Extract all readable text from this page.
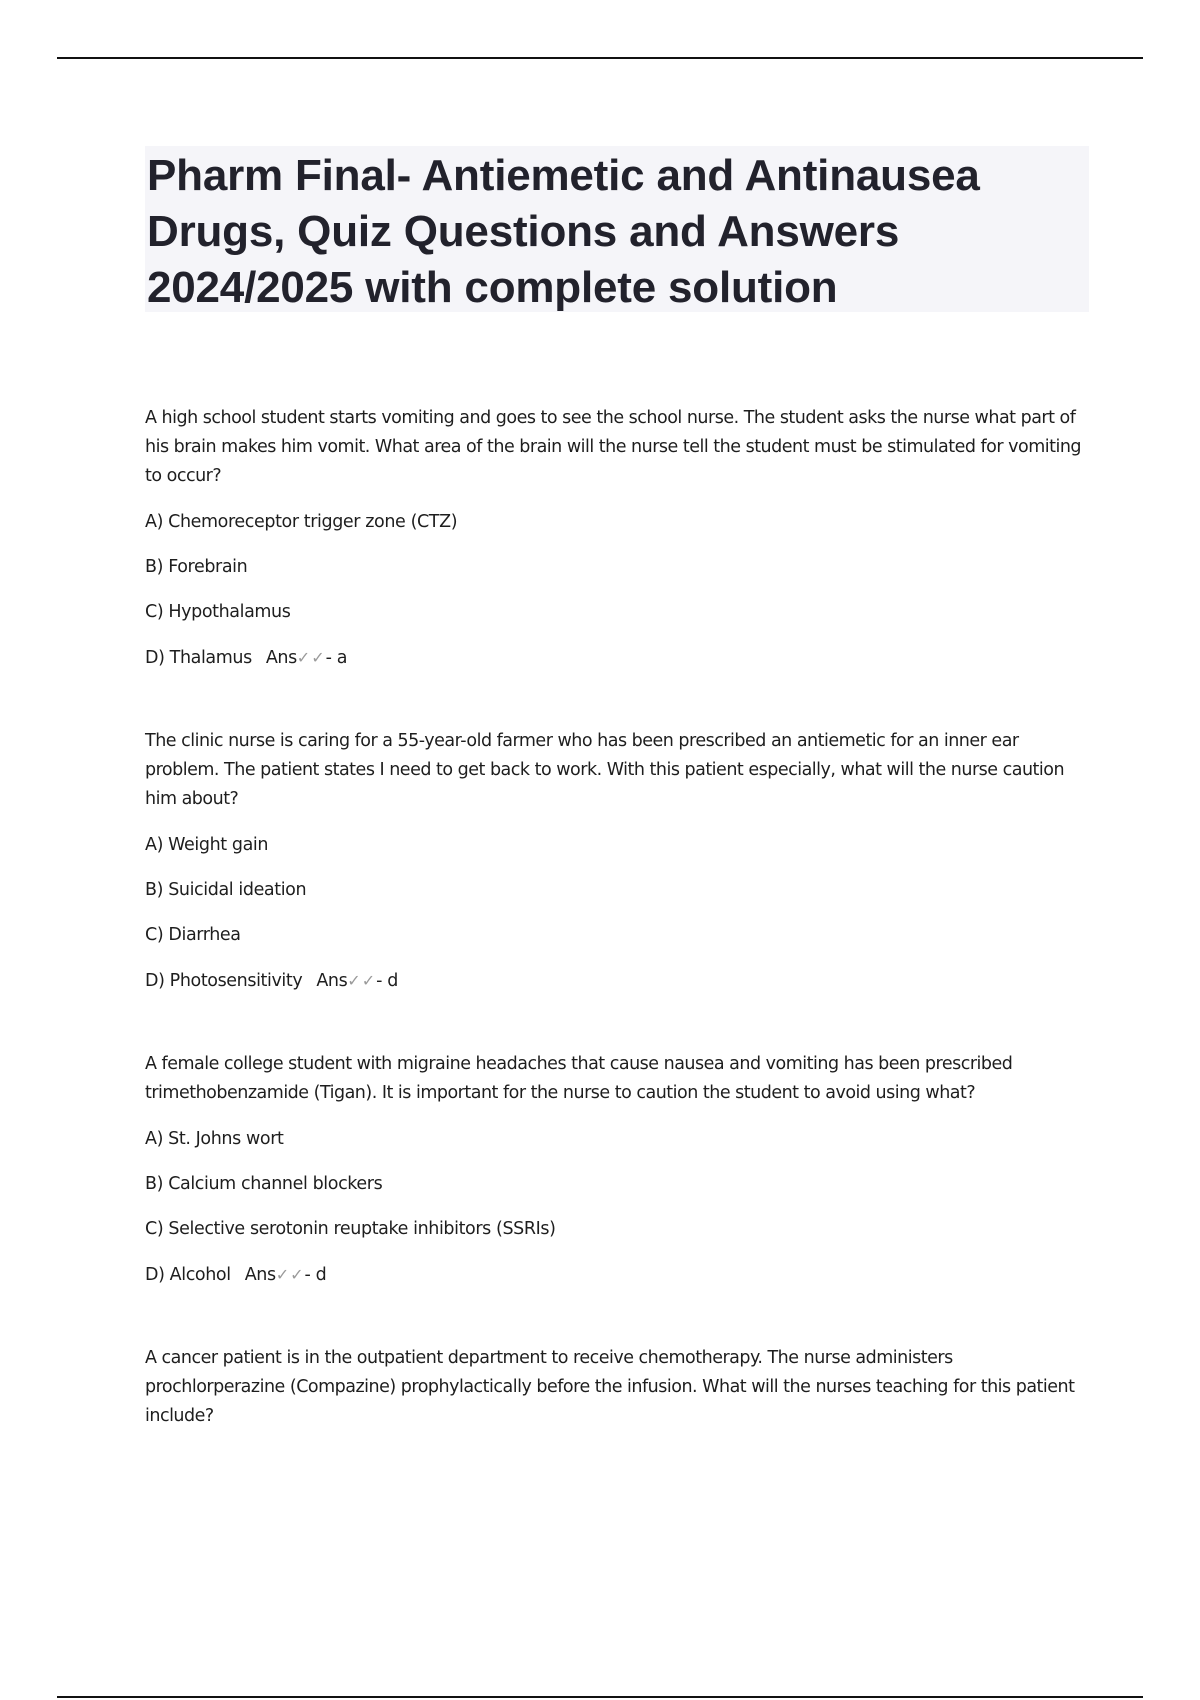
Pharm Final- Antiemetic and Antinausea Drugs, Quiz Questions and Answers 2024/2025 with complete solution
A high school student starts vomiting and goes to see the school nurse. The student asks the nurse what part of his brain makes him vomit. What area of the brain will the nurse tell the student must be stimulated for vomiting to occur?
A) Chemoreceptor trigger zone (CTZ)
B) Forebrain
C) Hypothalamus
D) Thalamus Ans✓✓- a
The clinic nurse is caring for a 55-year-old farmer who has been prescribed an antiemetic for an inner ear problem. The patient states I need to get back to work. With this patient especially, what will the nurse caution him about?
A) Weight gain
B) Suicidal ideation
C) Diarrhea
D) Photosensitivity Ans✓✓- d
A female college student with migraine headaches that cause nausea and vomiting has been prescribed trimethobenzamide (Tigan). It is important for the nurse to caution the student to avoid using what?
A) St. Johns wort
B) Calcium channel blockers
C) Selective serotonin reuptake inhibitors (SSRIs)
D) Alcohol Ans✓✓- d
A cancer patient is in the outpatient department to receive chemotherapy. The nurse administers prochlorperazine (Compazine) prophylactically before the infusion. What will the nurses teaching for this patient include?
